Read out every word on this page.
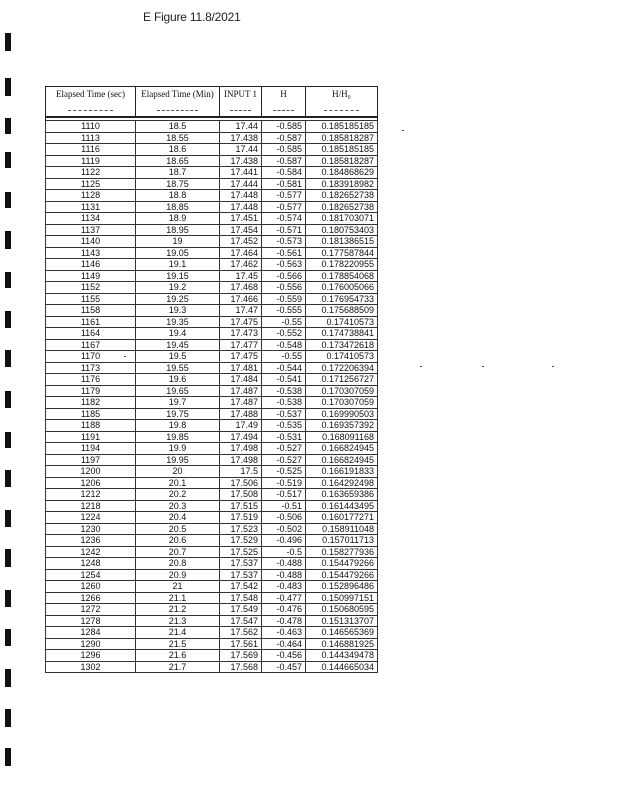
E Figure 11.8/2021
Elapsed Time (sec)	Elapsed Time (Min)	INPUT 1	H	H/H₀

1110	18.5	17.44	-0.585	0.185185185
1113	18.55	17.438	-0.587	0.185818287
1116	18.6	17.44	-0.585	0.185185185
1119	18.65	17.438	-0.587	0.185818287
1122	18.7	17.441	-0.584	0.184868629
1125	18.75	17.444	-0.581	0.183918982
1128	18.8	17.448	-0.577	0.182652738
1131	18.85	17.448	-0.577	0.182652738
1134	18.9	17.451	-0.574	0.181703071
1137	18.95	17.454	-0.571	0.180753403
1140	19	17.452	-0.573	0.181386515
1143	19.05	17.464	-0.561	0.177587844
1146	19.1	17.462	-0.563	0.178220955
1149	19.15	17.45	-0.566	0.178854068
1152	19.2	17.468	-0.556	0.176005066
1155	19.25	17.466	-0.559	0.176954733
1158	19.3	17.47	-0.555	0.175688509
1161	19.35	17.475	-0.55	0.17410573
1164	19.4	17.473	-0.552	0.174738841
1167	19.45	17.477	-0.548	0.173472618
1170	19.5	17.475	-0.55	0.17410573
1173	19.55	17.481	-0.544	0.172206394
1176	19.6	17.484	-0.541	0.171256727
1179	19.65	17.487	-0.538	0.170307059
1182	19.7	17.487	-0.538	0.170307059
1185	19.75	17.488	-0.537	0.169990503
1188	19.8	17.49	-0.535	0.169357392
1191	19.85	17.494	-0.531	0.168091168
1194	19.9	17.498	-0.527	0.166824945
1197	19.95	17.498	-0.527	0.166824945
1200	20	17.5	-0.525	0.166191833
1206	20.1	17.506	-0.519	0.164292498
1212	20.2	17.508	-0.517	0.163659386
1218	20.3	17.515	-0.51	0.161443495
1224	20.4	17.519	-0.506	0.160177271
1230	20.5	17.523	-0.502	0.158911048
1236	20.6	17.529	-0.496	0.157011713
1242	20.7	17.525	-0.5	0.158277936
1248	20.8	17.537	-0.488	0.154479266
1254	20.9	17.537	-0.488	0.154479266
1260	21	17.542	-0.483	0.152896486
1266	21.1	17.548	-0.477	0.150997151
1272	21.2	17.549	-0.476	0.150680595
1278	21.3	17.547	-0.478	0.151313707
1284	21.4	17.562	-0.463	0.146565369
1290	21.5	17.561	-0.464	0.146881925
1296	21.6	17.569	-0.456	0.144349478
1302	21.7	17.568	-0.457	0.144665034
